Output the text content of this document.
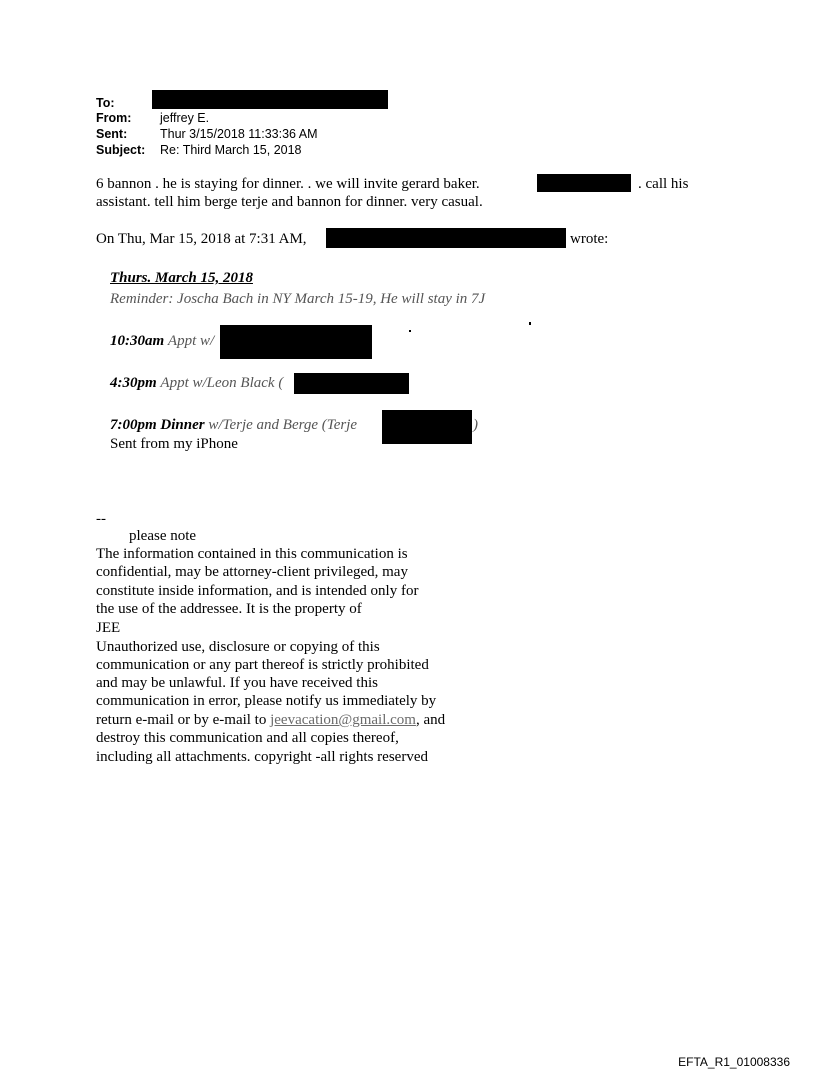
To:
From: jeffrey E.
Sent:	Thur 3/15/2018 11:33:36 AM
Subject: Re: Third March 15, 2018
6 bannon . he is staying for dinner. . we will invite gerard baker.	. call his
assistant. tell him berge terje and bannon for dinner. very casual.
On Thu, Mar 15, 2018 at 7:31 AM,	wrote:
Thurs. March 15, 2018
Reminder: Joscha Bach in NY March 15-19, He will stay in 7J
10:30am Appt w/
4:30pm Appt w/Leon Black (
7:00pm Dinner w/Terje and Berge (Terje	)
Sent from my iPhone
--
please note
The information contained in this communication is
confidential, may be attorney-client privileged, may
constitute inside information, and is intended only for
the use of the addressee. It is the property of
JEE
Unauthorized use, disclosure or copying of this
communication or any part thereof is strictly prohibited
and may be unlawful. If you have received this
communication in error, please notify us immediately by
return e-mail or by e-mail to jeevacation@gmail.com, and
destroy this communication and all copies thereof,
including all attachments. copyright -all rights reserved
EFTA_R1_01008336
